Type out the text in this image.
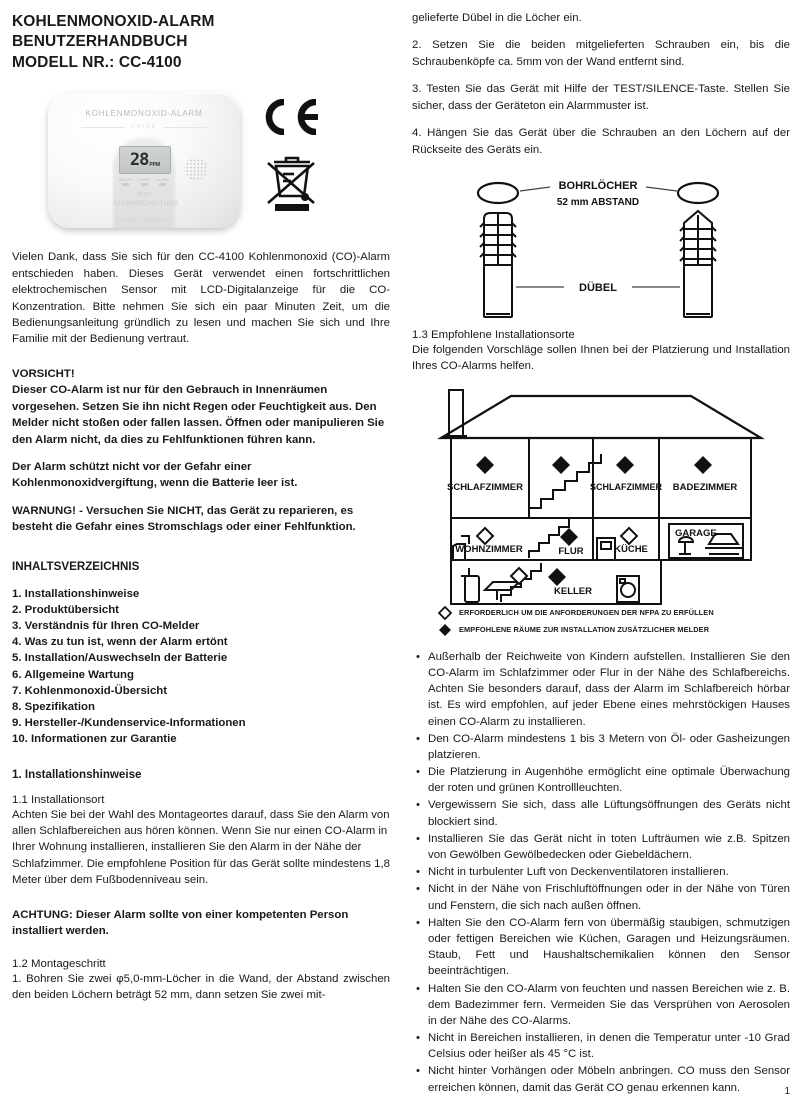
KOHLENMONOXID-ALARM
BENUTZERHANDBUCH
MODELL NR.: CC-4100
KOHLENMONOXID-ALARM
CDIOS
28 PPM
HEALTH POWER	ALARM
TEST
STUMMSCHALTUNG
10 JAHRE LEBENSDAUER

Vielen Dank, dass Sie sich für den CC-4100 Kohlenmonoxid (CO)-Alarm entschieden haben. Dieses Gerät verwendet einen fortschrittlichen elektrochemischen Sensor mit LCD-Digitalanzeige für die CO-Konzentration. Bitte nehmen Sie sich ein paar Minuten Zeit, um die Bedienungsanleitung gründlich zu lesen und machen Sie sich und Ihre Familie mit der Bedienung vertraut.

VORSICHT!

Dieser CO-Alarm ist nur für den Gebrauch in Innenräumen vorgesehen. Setzen Sie ihn nicht Regen oder Feuchtigkeit aus. Den Melder nicht stoßen oder fallen lassen. Öffnen oder manipulieren Sie den Alarm nicht, da dies zu Fehlfunktionen führen kann.

Der Alarm schützt nicht vor der Gefahr einer Kohlenmonoxidvergiftung, wenn die Batterie leer ist.

WARNUNG! - Versuchen Sie NICHT, das Gerät zu reparieren, es besteht die Gefahr eines Stromschlags oder einer Fehlfunktion.

INHALTSVERZEICHNIS
1. Installationshinweise
2. Produktübersicht
3. Verständnis für Ihren CO-Melder
4. Was zu tun ist, wenn der Alarm ertönt
5. Installation/Auswechseln der Batterie
6. Allgemeine Wartung
7. Kohlenmonoxid-Übersicht
8. Spezifikation
9. Hersteller-/Kundenservice-Informationen
10. Informationen zur Garantie
1. Installationshinweise
1.1 Installationsort

Achten Sie bei der Wahl des Montageortes darauf, dass Sie den Alarm von allen Schlafbereichen aus hören können. Wenn Sie nur einen CO-Alarm in Ihrer Wohnung installieren, installieren Sie den Alarm in der Nähe der Schlafzimmer. Die empfohlene Position für das Gerät sollte mindestens 1,8 Meter über dem Fußbodenniveau sein.

ACHTUNG: Dieser Alarm sollte von einer kompetenten Person installiert werden.

1.2 Montageschritt

1. Bohren Sie zwei φ5,0-mm-Löcher in die Wand, der Abstand zwischen den beiden Löchern beträgt 52 mm, dann setzen Sie zwei mit-

gelieferte Dübel in die Löcher ein.

2. Setzen Sie die beiden mitgelieferten Schrauben ein, bis die Schraubenköpfe ca. 5mm von der Wand entfernt sind.

3. Testen Sie das Gerät mit Hilfe der TEST/SILENCE-Taste. Stellen Sie sicher, dass der Geräteton ein Alarmmuster ist.

4. Hängen Sie das Gerät über die Schrauben an den Löchern auf der Rückseite des Geräts ein.

BOHRLÖCHER
52 mm ABSTAND
DÜBEL
1.3 Empfohlene Installationsorte

Die folgenden Vorschläge sollen Ihnen bei der Platzierung und Installation Ihres CO-Alarms helfen.

SCHLAFZIMMER	SCHLAFZIMMER BADEZIMMER
WOHNZIMMER	FLUR	KÜCHE
GARAGE
KELLER
ERFORDERLICH UM DIE ANFORDERUNGEN DER NFPA ZU ERFÜLLEN
EMPFOHLENE RÄUME ZUR INSTALLATION ZUSÄTZLICHER MELDER
• Außerhalb der Reichweite von Kindern aufstellen. Installieren Sie den CO-Alarm im Schlafzimmer oder Flur in der Nähe des Schlafbereichs. Achten Sie besonders darauf, dass der Alarm im Schlafbereich hörbar ist. Es wird empfohlen, auf jeder Ebene eines mehrstöckigen Hauses einen CO-Alarm zu installieren.
• Den CO-Alarm mindestens 1 bis 3 Metern von Öl- oder Gasheizungen platzieren.
• Die Platzierung in Augenhöhe ermöglicht eine optimale Überwachung der roten und grünen Kontrollleuchten.
• Vergewissern Sie sich, dass alle Lüftungsöffnungen des Geräts nicht blockiert sind.
• Installieren Sie das Gerät nicht in toten Lufträumen wie z.B. Spitzen von Gewölben Gewölbedecken oder Giebeldächern.
• Nicht in turbulenter Luft von Deckenventilatoren installieren.
• Nicht in der Nähe von Frischluftöffnungen oder in der Nähe von Türen und Fenstern, die sich nach außen öffnen.
• Halten Sie den CO-Alarm fern von übermäßig staubigen, schmutzigen oder fettigen Bereichen wie Küchen, Garagen und Heizungsräumen. Staub, Fett und Haushaltschemikalien können den Sensor beeinträchtigen.
• Halten Sie den CO-Alarm von feuchten und nassen Bereichen wie z. B. dem Badezimmer fern. Vermeiden Sie das Versprühen von Aerosolen in der Nähe des CO-Alarms.
• Nicht in Bereichen installieren, in denen die Temperatur unter -10 Grad Celsius oder heißer als 45 °C ist.
• Nicht hinter Vorhängen oder Möbeln anbringen. CO muss den Sensor erreichen können, damit das Gerät CO genau erkennen kann.	1
